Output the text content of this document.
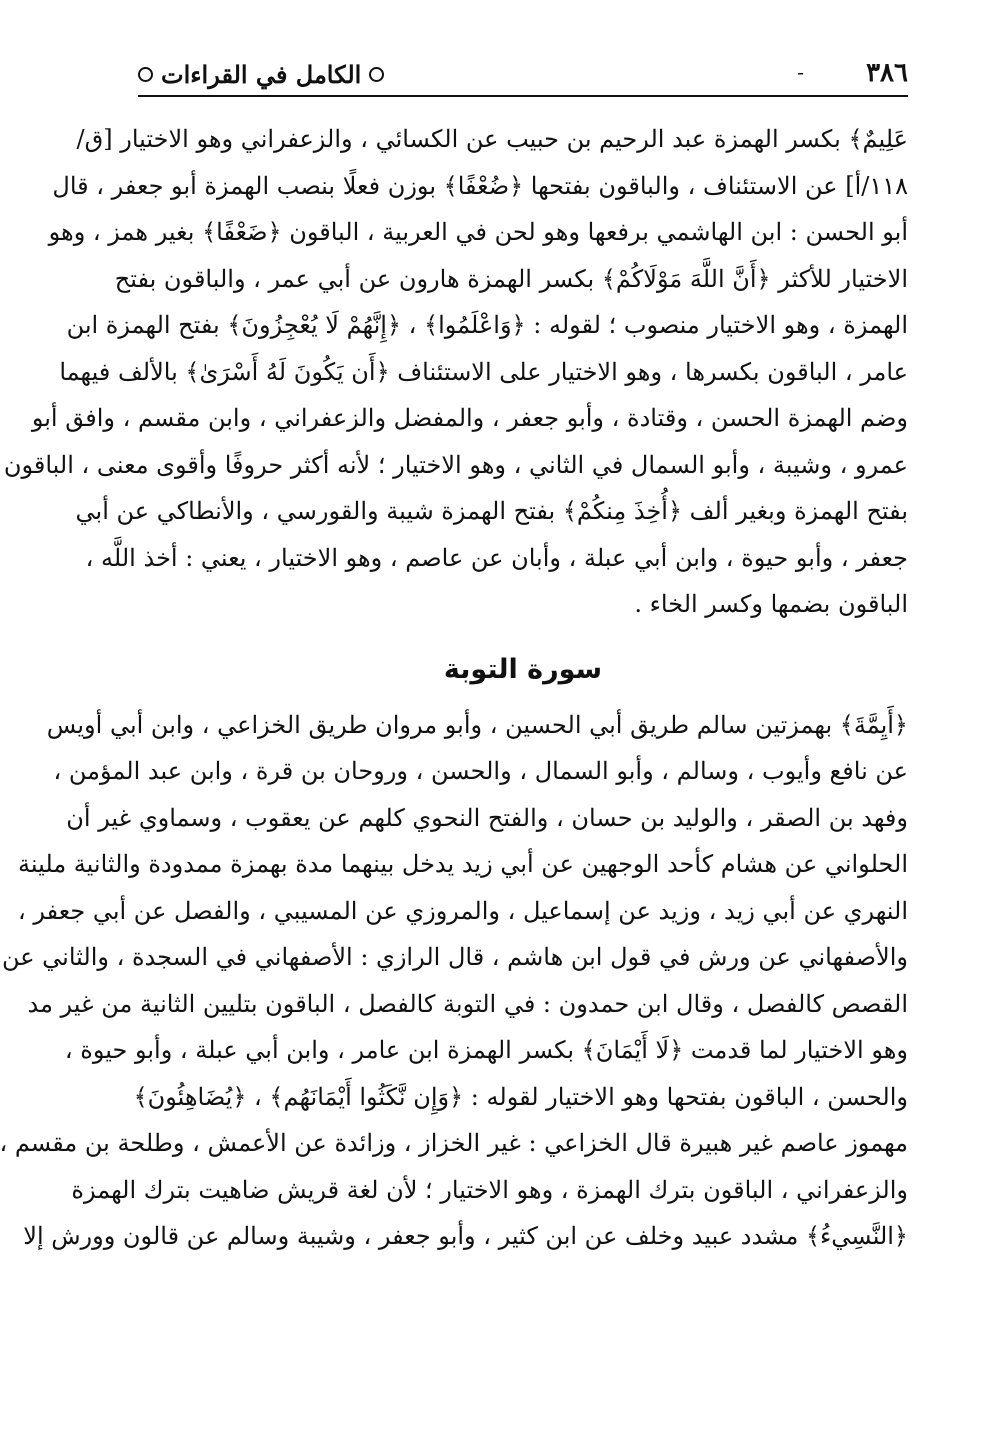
٣٨٦
-
الكامل في القراءات
عَلِيمٌ﴾ بكسر الهمزة عبد الرحيم بن حبيب عن الكسائي ، والزعفراني وهو الاختيار [ق/
١١٨/أ] عن الاستئناف ، والباقون بفتحها ﴿ضُعْفًا﴾ بوزن فعلًا بنصب الهمزة أبو جعفر ، قال
أبو الحسن : ابن الهاشمي برفعها وهو لحن في العربية ، الباقون ﴿ضَعْفًا﴾ بغير همز ، وهو
الاختيار للأكثر ﴿أَنَّ اللَّهَ مَوْلَاكُمْ﴾ بكسر الهمزة هارون عن أبي عمر ، والباقون بفتح
الهمزة ، وهو الاختيار منصوب ؛ لقوله : ﴿وَاعْلَمُوا﴾ ، ﴿إِنَّهُمْ لَا يُعْجِزُونَ﴾ بفتح الهمزة ابن
عامر ، الباقون بكسرها ، وهو الاختيار على الاستئناف ﴿أَن يَكُونَ لَهُ أَسْرَىٰ﴾ بالألف فيهما
وضم الهمزة الحسن ، وقتادة ، وأبو جعفر ، والمفضل والزعفراني ، وابن مقسم ، وافق أبو
عمرو ، وشيبة ، وأبو السمال في الثاني ، وهو الاختيار ؛ لأنه أكثر حروفًا وأقوى معنى ، الباقون
بفتح الهمزة وبغير ألف ﴿أُخِذَ مِنكُمْ﴾ بفتح الهمزة شيبة والقورسي ، والأنطاكي عن أبي
جعفر ، وأبو حيوة ، وابن أبي عبلة ، وأبان عن عاصم ، وهو الاختيار ، يعني : أخذ اللَّه ،
الباقون بضمها وكسر الخاء .
سورة التوبة
﴿أَيِمَّةَ﴾ بهمزتين سالم طريق أبي الحسين ، وأبو مروان طريق الخزاعي ، وابن أبي أويس
عن نافع وأيوب ، وسالم ، وأبو السمال ، والحسن ، وروحان بن قرة ، وابن عبد المؤمن ،
وفهد بن الصقر ، والوليد بن حسان ، والفتح النحوي كلهم عن يعقوب ، وسماوي غير أن
الحلواني عن هشام كأحد الوجهين عن أبي زيد يدخل بينهما مدة بهمزة ممدودة والثانية ملينة
النهري عن أبي زيد ، وزيد عن إسماعيل ، والمروزي عن المسيبي ، والفصل عن أبي جعفر ،
والأصفهاني عن ورش في قول ابن هاشم ، قال الرازي : الأصفهاني في السجدة ، والثاني عن
القصص كالفصل ، وقال ابن حمدون : في التوبة كالفصل ، الباقون بتليين الثانية من غير مد
وهو الاختيار لما قدمت ﴿لَا أَيْمَانَ﴾ بكسر الهمزة ابن عامر ، وابن أبي عبلة ، وأبو حيوة ،
والحسن ، الباقون بفتحها وهو الاختيار لقوله : ﴿وَإِن نَّكَثُوا أَيْمَانَهُم﴾ ، ﴿يُضَاهِئُونَ﴾
مهموز عاصم غير هبيرة قال الخزاعي : غير الخزاز ، وزائدة عن الأعمش ، وطلحة بن مقسم ،
والزعفراني ، الباقون بترك الهمزة ، وهو الاختيار ؛ لأن لغة قريش ضاهيت بترك الهمزة
﴿النَّسِيءُ﴾ مشدد عبيد وخلف عن ابن كثير ، وأبو جعفر ، وشيبة وسالم عن قالون وورش إلا
